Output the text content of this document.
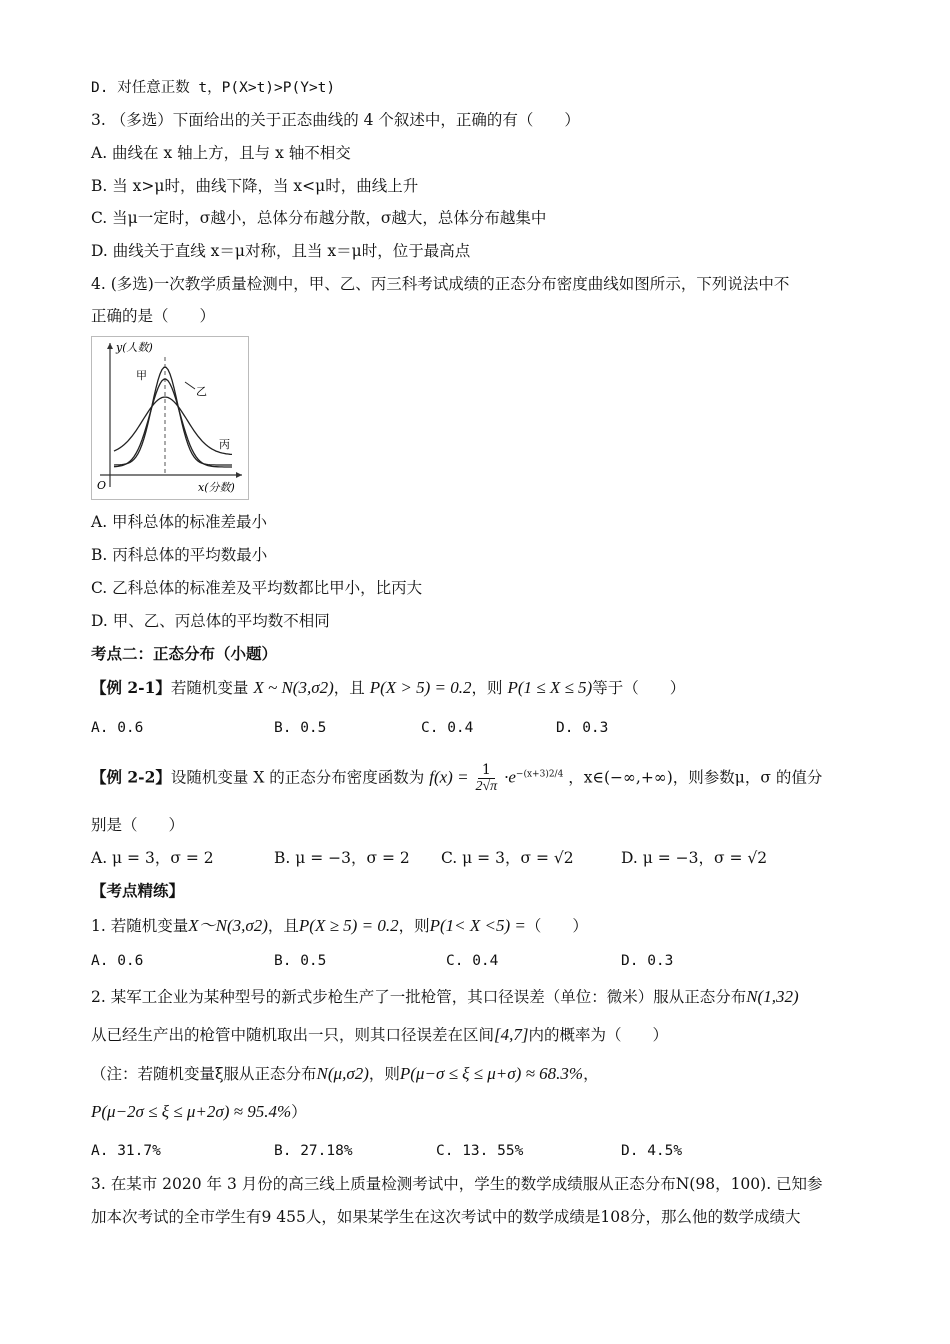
D. 对任意正数 t，P(X>t)>P(Y>t)
3. （多选）下面给出的关于正态曲线的 4 个叙述中，正确的有（　　）
A. 曲线在 x 轴上方，且与 x 轴不相交
B. 当 x>μ时，曲线下降，当 x<μ时，曲线上升
C. 当μ一定时，σ越小，总体分布越分散，σ越大，总体分布越集中
D. 曲线关于直线 x＝μ对称，且当 x＝μ时，位于最高点
4. (多选)一次教学质量检测中，甲、乙、丙三科考试成绩的正态分布密度曲线如图所示，下列说法中不
正确的是（　　）
y(人数)
x(分数)
O
甲
乙
丙
A. 甲科总体的标准差最小
B. 丙科总体的平均数最小
C. 乙科总体的标准差及平均数都比甲小，比丙大
D. 甲、乙、丙总体的平均数不相同
考点二：正态分布（小题）
【例 2-1】若随机变量 X ~ N(3,σ2)，且 P(X > 5) = 0.2，则 P(1 ≤ X ≤ 5)等于（　　）
A. 0.6	B. 0.5	C. 0.4	D. 0.3
【例 2-2】设随机变量 X 的正态分布密度函数为 $f(x) = \frac{1}{2√\pi} \cdot e^{-(x+3)2/4}$ ，x∈(−∞,+∞)，则参数μ，σ 的值分
别是（　　）
A. μ = 3，σ = 2	B. μ = −3，σ = 2 C. μ = 3，σ = √2	D. μ = −3，σ = √2
【考点精练】
1. 若随机变量X～N(3,σ2)，且P(X ≥ 5) = 0.2，则P(1< X <5) =（　　）
A. 0.6	B. 0.5	C. 0.4	D. 0.3
2. 某军工企业为某种型号的新式步枪生产了一批枪管，其口径误差（单位：微米）服从正态分布N(1,32)
从已经生产出的枪管中随机取出一只，则其口径误差在区间[4,7]内的概率为（　　）
（注：若随机变量ξ服从正态分布N(μ,σ2)，则P(μ−σ ≤ ξ ≤ μ+σ) ≈ 68.3%，
P(μ−2σ ≤ ξ ≤ μ+2σ) ≈ 95.4%）
A. 31.7%	B. 27.18%	C. 13. 55%	D. 4.5%
3. 在某市 2020 年 3 月份的高三线上质量检测考试中，学生的数学成绩服从正态分布N(98，100). 已知参
加本次考试的全市学生有9 455人，如果某学生在这次考试中的数学成绩是108分，那么他的数学成绩大
